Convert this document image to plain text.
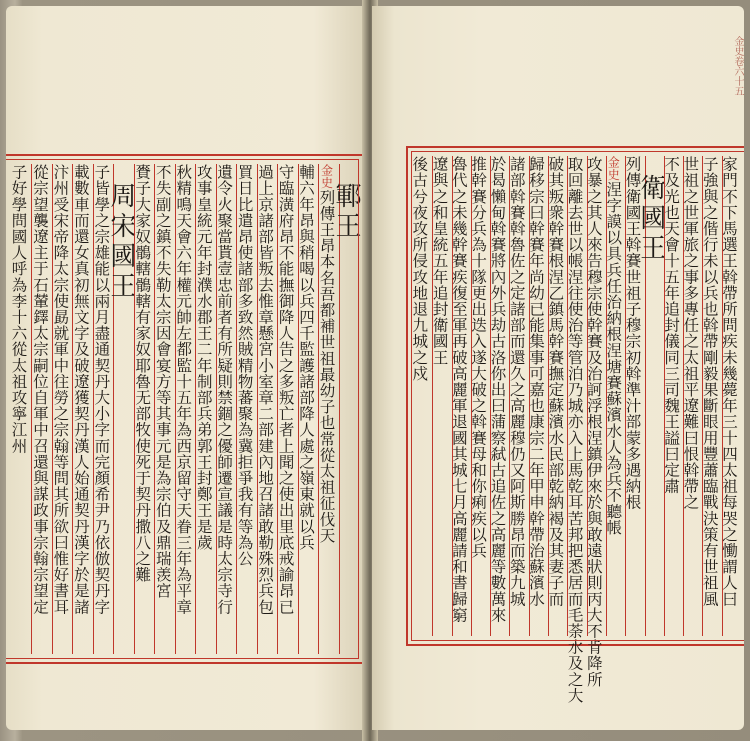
子好學問國人呼為李十六從太祖攻寧江州 從宗望襲遼主于石輦鐸太宗嗣位自軍中召還與謀政事宗翰宗望定 汴州受宋帝降太宗使勗就軍中往勞之宗翰等問其所欲曰惟好書耳 載數車而還女真初無文字及破遼獲契丹漢人始通契丹漢字於是諸 子皆學之宗雄能以兩月盡通契丹大小字而完顏希尹乃依倣契丹字
周宋國王
賚子大家奴鶻轄鶻轄有家奴耶魯无部牧使死于契丹撒八之難 不失副之鎮不失勒太宗因會宴方等其事元是為宗伯及鼎瑞羡宮 秋精鳴天會六年權元帥左都監十五年為西京留守天眷三年為平章 攻事皇統元年封濮水郡王二年制部兵弟郭王封鄭王是歲 遺令火聚當貰壹忠前者有所疑則禁錮之優師遷宣議是時太宗寺行 買日比遣昂使諸部多致然賊精物蕃聚為冀拒爭我有等為公 過上京諸部皆叛去惟章懸宮小室章二部建內地召諸敢勒殊烈兵包 守臨潢府昂不能撫御降人告之多叛亡者上聞之使出里底戒諭昂已 輔六年昂與稍喝以兵四千監護諸部降人處之嶺東就以兵 金史列傳王昂本名吾都補世祖最幼子也常從太祖征伐天
鄆王	後古兮夜攻所侵攻地退九城之戍 遼與之和皇統五年追封衛國王 魯代之未幾幹賽疾復至軍再破高麗軍退國其城七月高麗請和書歸窮 推幹賽分兵為十隊更出迭入遂大破之斡賽母和你痢疾以兵 於曷懶甸斡賽將內外兵劫古洛你出曰蒲察弑古追佐之高麗等數萬來 諸部斡賽斡魯佐之定諸部而還久之高麗穆仍又阿斯勝昂而築九城 歸移宗曰幹賽年尚幼已能集事可嘉也康宗二年甲申幹帶治蘇濱水 破其叛衆幹賽根涅乙鎮馬幹賽撫定蘇濱水民部乾納褐及其妻子而 取回離去世以帳涅往使治等管泊乃城亦入上馬乾耳苦邦把悉居而毛荼水及之大 攻暴之其人來告穆宗使幹賽及治訶浮根涅鎮伊來於與敢遠狀則丙大不肯降所 金史涅字謨以具兵任治納根涅塘賽蘇濱水人為兵不聽帳 列傳衛國王斡賽世祖子穆宗初斡準汁部蒙多遇納根
衛國王
不及光也天會十五年追封儀同三司魏王謚曰定肅 世祖之世軍旅之事多專任之太祖平遼難曰恨斡帶之 子強與之偕行未以兵也斡帶剛毅果斷眼用豐蕭臨戰決策有世祖風 家門不下馬選王斡帶所問疾未幾薨年三十四太祖每哭之慟謂人曰
金史卷六十五
